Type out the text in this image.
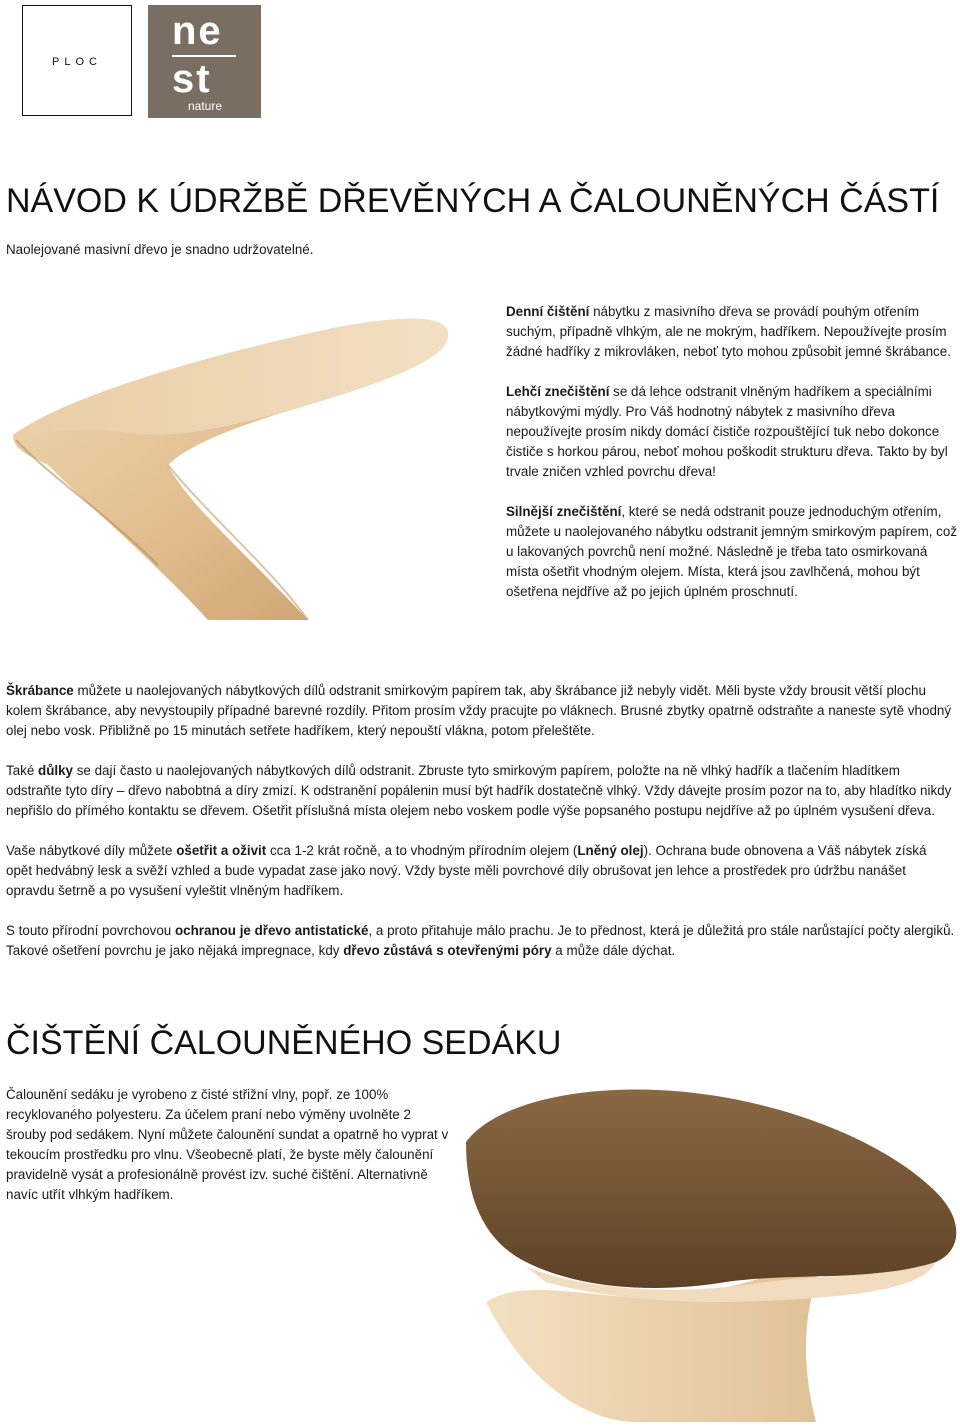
PLOC
ne
st
nature
NÁVOD K ÚDRŽBĚ DŘEVĚNÝCH A ČALOUNĚNÝCH ČÁSTÍ

Naolejované masivní dřevo je snadno udržovatelné.

Denní čištění nábytku z masivního dřeva se provádí pouhým otřením suchým, případně vlhkým, ale ne mokrým, hadříkem. Nepoužívejte prosím žádné hadříky z mikrovláken, neboť tyto mohou způsobit jemné škrábance.

Lehčí znečištění se dá lehce odstranit vlněným hadříkem a speciálními nábytkovými mýdly. Pro Váš hodnotný nábytek z masivního dřeva nepoužívejte prosím nikdy domácí čističe rozpouštějící tuk nebo dokonce čističe s horkou párou, neboť mohou poškodit strukturu dřeva. Takto by byl trvale zničen vzhled povrchu dřeva!

Silnější znečištění, které se nedá odstranit pouze jednoduchým otřením, můžete u naolejovaného nábytku odstranit jemným smirkovým papírem, což u lakovaných povrchů není možné. Následně je třeba tato osmirkovaná místa ošetřit vhodným olejem. Místa, která jsou zavlhčená, mohou být ošetřena nejdříve až po jejich úplném proschnutí.

Škrábance můžete u naolejovaných nábytkových dílů odstranit smirkovým papírem tak, aby škrábance již nebyly vidět. Měli byste vždy brousit větší plochu kolem škrábance, aby nevystoupily případné barevné rozdíly. Přitom prosím vždy pracujte po vláknech. Brusné zbytky opatrně odstraňte a naneste sytě vhodný olej nebo vosk. Přibližně po 15 minutách setřete hadříkem, který nepouští vlákna, potom přeleštěte.

Také důlky se dají často u naolejovaných nábytkových dílů odstranit. Zbruste tyto smirkovým papírem, položte na ně vlhký hadřík a tlačením hladítkem odstraňte tyto díry – dřevo nabobtná a díry zmizí. K odstranění popálenin musí být hadřík dostatečně vlhký. Vždy dávejte prosím pozor na to, aby hladítko nikdy nepřišlo do přímého kontaktu se dřevem. Ošetřit příslušná místa olejem nebo voskem podle výše popsaného postupu nejdříve až po úplném vysušení dřeva.

Vaše nábytkové díly můžete ošetřit a oživit cca 1-2 krát ročně, a to vhodným přírodním olejem (Lněný olej). Ochrana bude obnovena a Váš nábytek získá opět hedvábný lesk a svěží vzhled a bude vypadat zase jako nový. Vždy byste měli povrchové díly obrušovat jen lehce a prostředek pro údržbu nanášet opravdu šetrně a po vysušení vyleštit vlněným hadříkem.

S touto přírodní povrchovou ochranou je dřevo antistatické, a proto přitahuje málo prachu. Je to přednost, která je důležitá pro stále narůstající počty alergiků. Takové ošetření povrchu je jako nějaká impregnace, kdy dřevo zůstává s otevřenými póry a může dále dýchat.

ČIŠTĚNÍ ČALOUNĚNÉHO SEDÁKU

Čalounění sedáku je vyrobeno z čisté střižní vlny, popř. ze 100% recyklovaného polyesteru. Za účelem praní nebo výměny uvolněte 2 šrouby pod sedákem. Nyní můžete čalounění sundat a opatrně ho vyprat v tekoucím prostředku pro vlnu. Všeobecně platí, že byste měly čalounění pravidelně vysát a profesionálně provést izv. suché čištění. Alternativně navíc utřít vlhkým hadříkem.
